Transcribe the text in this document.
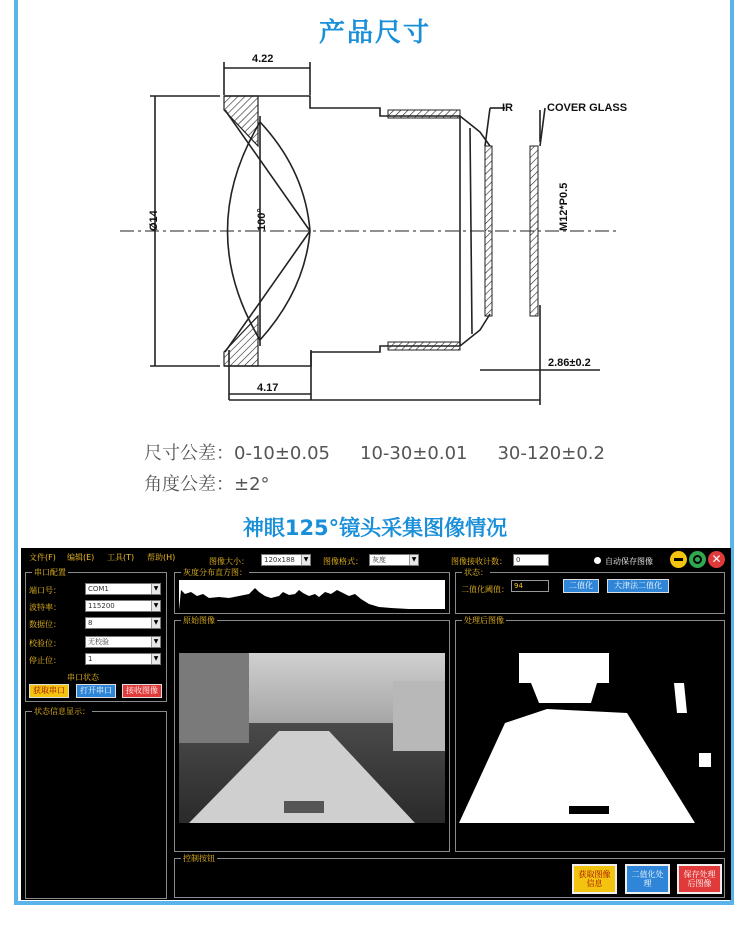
产品尺寸
4.22
4.17
Ø14	100°
IR	COVER GLASS
M12*P0.5
2.86±0.2
尺寸公差：0-10±0.05 10-30±0.01 30-120±0.2
角度公差：±2°
神眼125°镜头采集图像情况
文件(F) 编辑(E) 工具(T) 帮助(H)	图像大小：	120x188	▼ 图像格式：	灰度	▼	图像接收计数：	0	自动保存图像	✕
串口配置
端口号：	COM1	▼
波特率：	115200	▼
数据位：	8	▼
校验位：	无校验	▼
停止位：	1	▼
串口状态
获取串口	打开串口	接收图像
状态信息显示：
灰度分布直方图：	状态：
二值化阈值： 94	二值化	大津法二值化
原始图像	处理后图像
控制按钮
获取图像信息
二值化处理
保存处理后图像
